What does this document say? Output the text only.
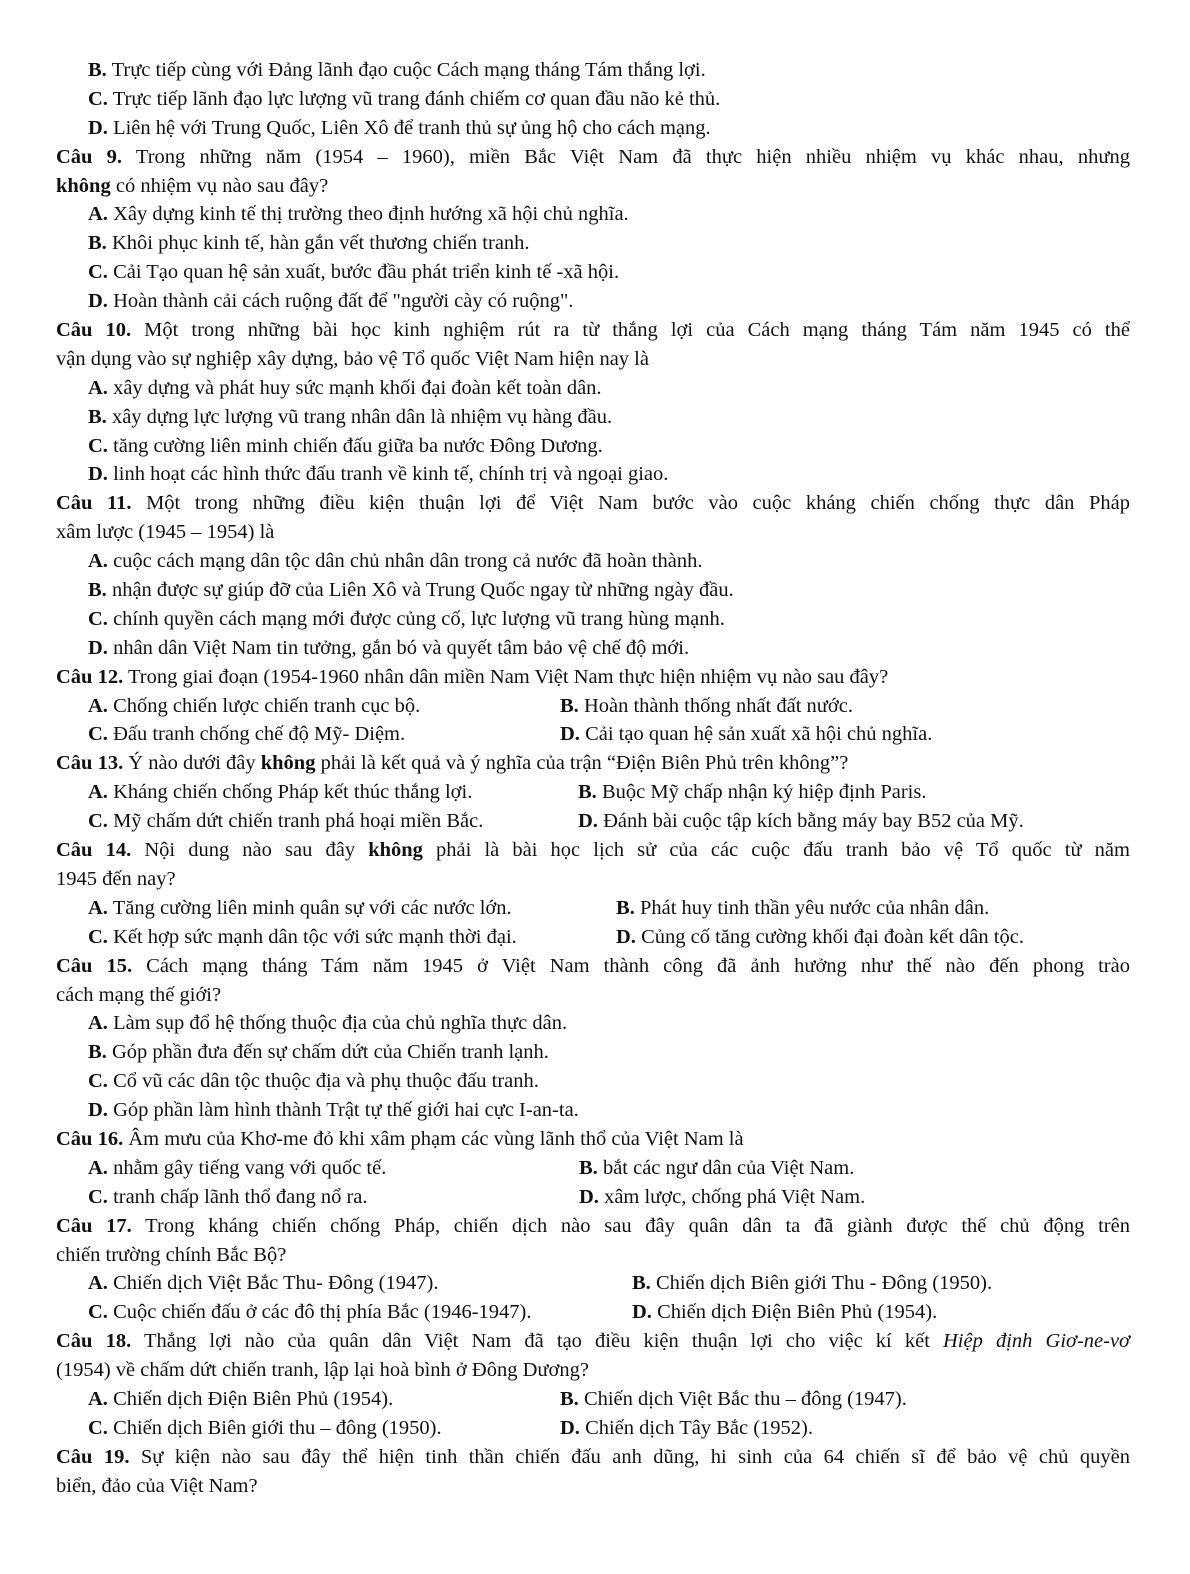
B. Trực tiếp cùng với Đảng lãnh đạo cuộc Cách mạng tháng Tám thắng lợi.
C. Trực tiếp lãnh đạo lực lượng vũ trang đánh chiếm cơ quan đầu não kẻ thủ.
D. Liên hệ với Trung Quốc, Liên Xô để tranh thủ sự ủng hộ cho cách mạng.
Câu 9. Trong những năm (1954 – 1960), miền Bắc Việt Nam đã thực hiện nhiều nhiệm vụ khác nhau, nhưng
không có nhiệm vụ nào sau đây?
A. Xây dựng kinh tế thị trường theo định hướng xã hội chủ nghĩa.
B. Khôi phục kinh tế, hàn gắn vết thương chiến tranh.
C. Cải Tạo quan hệ sản xuất, bước đầu phát triển kinh tế -xã hội.
D. Hoàn thành cải cách ruộng đất để "người cày có ruộng".
Câu 10. Một trong những bài học kinh nghiệm rút ra từ thắng lợi của Cách mạng tháng Tám năm 1945 có thể
vận dụng vào sự nghiệp xây dựng, bảo vệ Tổ quốc Việt Nam hiện nay là
A. xây dựng và phát huy sức mạnh khối đại đoàn kết toàn dân.
B. xây dựng lực lượng vũ trang nhân dân là nhiệm vụ hàng đầu.
C. tăng cường liên minh chiến đấu giữa ba nước Đông Dương.
D. linh hoạt các hình thức đấu tranh về kinh tế, chính trị và ngoại giao.
Câu 11. Một trong những điều kiện thuận lợi để Việt Nam bước vào cuộc kháng chiến chống thực dân Pháp
xâm lược (1945 – 1954) là
A. cuộc cách mạng dân tộc dân chủ nhân dân trong cả nước đã hoàn thành.
B. nhận được sự giúp đỡ của Liên Xô và Trung Quốc ngay từ những ngày đầu.
C. chính quyền cách mạng mới được củng cố, lực lượng vũ trang hùng mạnh.
D. nhân dân Việt Nam tin tưởng, gắn bó và quyết tâm bảo vệ chế độ mới.
Câu 12. Trong giai đoạn (1954-1960 nhân dân miền Nam Việt Nam thực hiện nhiệm vụ nào sau đây?
A. Chống chiến lược chiến tranh cục bộ.	B. Hoàn thành thống nhất đất nước.
C. Đấu tranh chống chế độ Mỹ- Diệm.	D. Cải tạo quan hệ sản xuất xã hội chủ nghĩa.
Câu 13. Ý nào dưới đây không phải là kết quả và ý nghĩa của trận “Điện Biên Phủ trên không”?
A. Kháng chiến chống Pháp kết thúc thắng lợi.	B. Buộc Mỹ chấp nhận ký hiệp định Paris.
C. Mỹ chấm dứt chiến tranh phá hoại miền Bắc.	D. Đánh bài cuộc tập kích bằng máy bay B52 của Mỹ.
Câu 14. Nội dung nào sau đây không phải là bài học lịch sử của các cuộc đấu tranh bảo vệ Tổ quốc từ năm
1945 đến nay?
A. Tăng cường liên minh quân sự với các nước lớn.	B. Phát huy tinh thần yêu nước của nhân dân.
C. Kết hợp sức mạnh dân tộc với sức mạnh thời đại.	D. Củng cố tăng cường khối đại đoàn kết dân tộc.
Câu 15. Cách mạng tháng Tám năm 1945 ở Việt Nam thành công đã ảnh hưởng như thế nào đến phong trào
cách mạng thế giới?
A. Làm sụp đổ hệ thống thuộc địa của chủ nghĩa thực dân.
B. Góp phần đưa đến sự chấm dứt của Chiến tranh lạnh.
C. Cổ vũ các dân tộc thuộc địa và phụ thuộc đấu tranh.
D. Góp phần làm hình thành Trật tự thế giới hai cực I-an-ta.
Câu 16. Âm mưu của Khơ-me đỏ khi xâm phạm các vùng lãnh thổ của Việt Nam là
A. nhằm gây tiếng vang với quốc tế.	B. bắt các ngư dân của Việt Nam.
C. tranh chấp lãnh thổ đang nổ ra.	D. xâm lược, chống phá Việt Nam.
Câu 17. Trong kháng chiến chống Pháp, chiến dịch nào sau đây quân dân ta đã giành được thế chủ động trên
chiến trường chính Bắc Bộ?
A. Chiến dịch Việt Bắc Thu- Đông (1947).	B. Chiến dịch Biên giới Thu - Đông (1950).
C. Cuộc chiến đấu ở các đô thị phía Bắc (1946-1947).	D. Chiến dịch Điện Biên Phủ (1954).
Câu 18. Thắng lợi nào của quân dân Việt Nam đã tạo điều kiện thuận lợi cho việc kí kết Hiệp định Giơ-ne-vơ
(1954) về chấm dứt chiến tranh, lập lại hoà bình ở Đông Dương?
A. Chiến dịch Điện Biên Phủ (1954).	B. Chiến dịch Việt Bắc thu – đông (1947).
C. Chiến dịch Biên giới thu – đông (1950).	D. Chiến dịch Tây Bắc (1952).
Câu 19. Sự kiện nào sau đây thể hiện tinh thần chiến đấu anh dũng, hi sinh của 64 chiến sĩ để bảo vệ chủ quyền
biển, đảo của Việt Nam?
